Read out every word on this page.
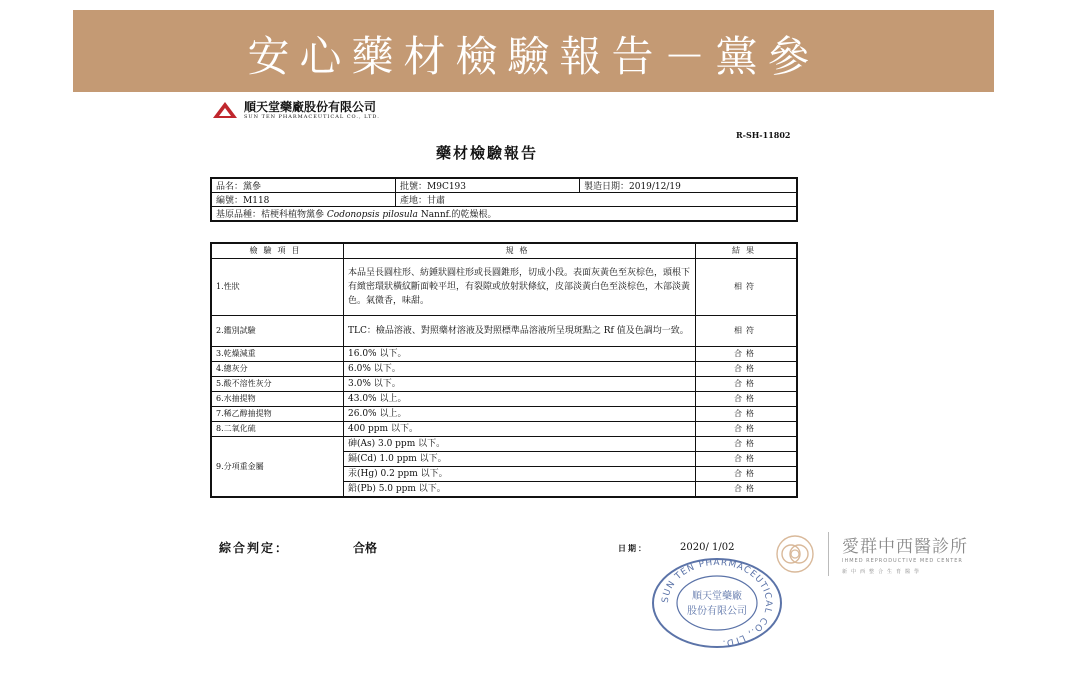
安心藥材檢驗報告－黨參
順天堂藥廠股份有限公司
SUN TEN PHARMACEUTICAL CO., LTD.
R-SH-11802
藥材檢驗報告
品名：黨參	批號：M9C193	製造日期：2019/12/19
編號：M118	產地：甘肅	
基原品種：桔梗科植物黨參 Codonopsis pilosula Nannf.的乾燥根。		
檢驗項目	規格	結果
1.性狀	本品呈長圓柱形、紡錘狀圓柱形或長圓錐形，切成小段。表面灰黃色至灰棕色，頭根下有緻密環狀橫紋斷面較平坦，有裂隙或放射狀條紋，皮部淡黃白色至淡棕色，木部淡黃色。氣微香，味甜。	相符
2.鑑別試驗	TLC：檢品溶液、對照藥材溶液及對照標準品溶液所呈現斑點之 Rf 值及色調均一致。	相符
3.乾燥減重	16.0% 以下。	合格
4.總灰分	6.0% 以下。	合格
5.酸不溶性灰分	3.0% 以下。	合格
6.水抽提物	43.0% 以上。	合格
7.稀乙醇抽提物	26.0% 以上。	合格
8.二氧化硫	400 ppm 以下。	合格
9.分項重金屬	砷(As) 3.0 ppm 以下。	合格
	鎘(Cd) 1.0 ppm 以下。	合格
	汞(Hg) 0.2 ppm 以下。	合格
	鉛(Pb) 5.0 ppm 以下。	合格
綜合判定：	合格	日期：	2020/ 1/02
SUN TEN PHARMACEUTICAL CO., LTD.
順天堂藥廠
股份有限公司
愛群中西醫診所
IHMED REPRODUCTIVE MED CENTER
新中西整合生育醫學
